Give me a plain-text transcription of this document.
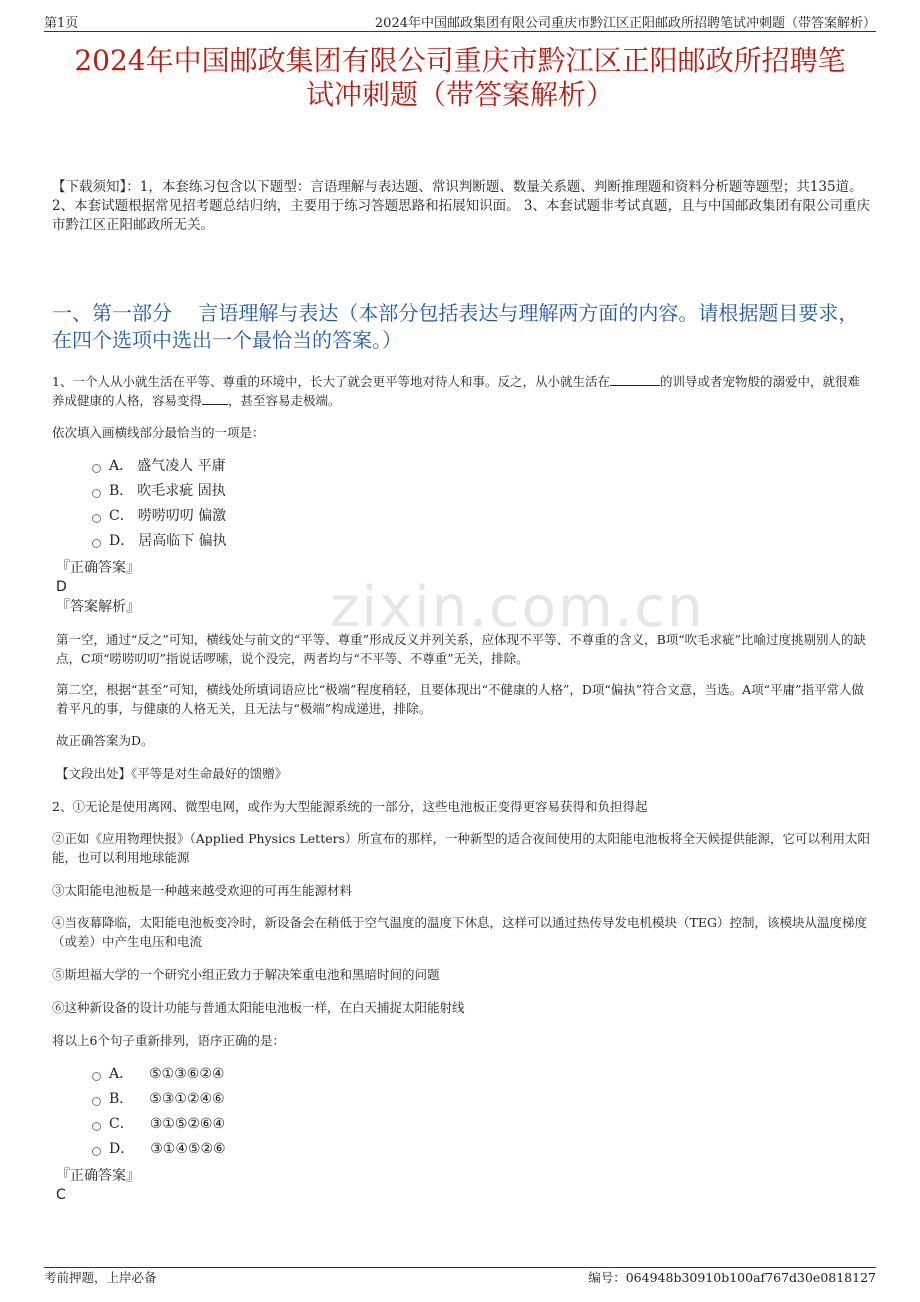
第1页	2024年中国邮政集团有限公司重庆市黔江区正阳邮政所招聘笔试冲刺题（带答案解析）
2024年中国邮政集团有限公司重庆市黔江区正阳邮政所招聘笔
试冲刺题（带答案解析）
【下载须知】：1，本套练习包含以下题型：言语理解与表达题、常识判断题、数量关系题、判断推理题和资料分析题等题型；共135道。 2、本套试题根据常见招考题总结归纳，主要用于练习答题思路和拓展知识面。 3、本套试题非考试真题，且与中国邮政集团有限公司重庆市黔江区正阳邮政所无关。
一、第一部分　 言语理解与表达（本部分包括表达与理解两方面的内容。请根据题目要求，在四个选项中选出一个最恰当的答案。）
zixin.com.cn
1、一个人从小就生活在平等、尊重的环境中，长大了就会更平等地对待人和事。反之，从小就生活在	的训导或者宠物般的溺爱中，就很难养成健康的人格，容易变得 ，甚至容易走极端。
依次填入画横线部分最恰当的一项是：
A． 盛气凌人 平庸
B． 吹毛求疵 固执
C． 唠唠叨叨 偏激
D． 居高临下 偏执
『正确答案』
D
『答案解析』
第一空，通过“反之”可知，横线处与前文的“平等、尊重”形成反义并列关系，应体现不平等、不尊重的含义，B项“吹毛求疵”比喻过度挑剔别人的缺点，C项“唠唠叨叨”指说话啰嗦，说个没完，两者均与“不平等、不尊重”无关，排除。
第二空，根据“甚至”可知，横线处所填词语应比“极端”程度稍轻，且要体现出“不健康的人格”，D项“偏执”符合文意，当选。A项“平庸”指平常人做着平凡的事，与健康的人格无关，且无法与“极端”构成递进，排除。
故正确答案为D。
【文段出处】《平等是对生命最好的馈赠》
2、①无论是使用离网、微型电网，或作为大型能源系统的一部分，这些电池板正变得更容易获得和负担得起
②正如《应用物理快报》（Applied Physics Letters）所宣布的那样，一种新型的适合夜间使用的太阳能电池板将全天候提供能源，它可以利用太阳能，也可以利用地球能源
③太阳能电池板是一种越来越受欢迎的可再生能源材料
④当夜幕降临，太阳能电池板变冷时，新设备会在稍低于空气温度的温度下休息，这样可以通过热传导发电机模块（TEG）控制，该模块从温度梯度（或差）中产生电压和电流
⑤斯坦福大学的一个研究小组正致力于解决笨重电池和黑暗时间的问题
⑥这种新设备的设计功能与普通太阳能电池板一样，在白天捕捉太阳能射线
将以上6个句子重新排列，语序正确的是：
A． ⑤①③⑥②④
B． ⑤③①②④⑥
C． ③①⑤②⑥④
D． ③①④⑤②⑥
『正确答案』
C
考前押题，上岸必备	编号：064948b30910b100af767d30e0818127
